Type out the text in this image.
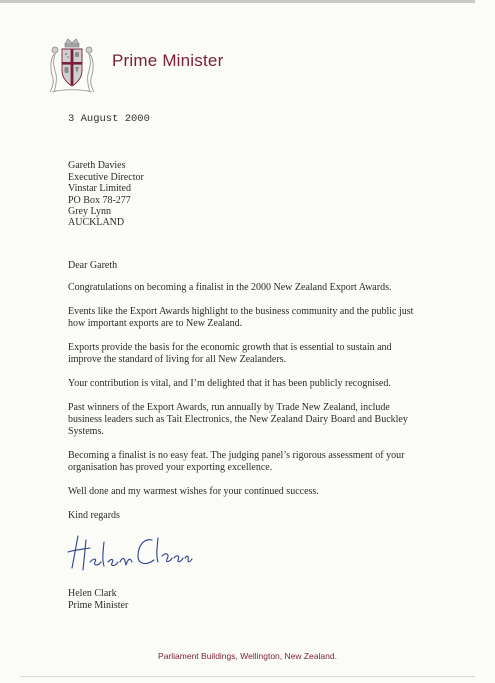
Prime Minister
3 August 2000
Gareth Davies
Executive Director
Vinstar Limited
PO Box 78-277
Grey Lynn
AUCKLAND

Dear Gareth

Congratulations on becoming a finalist in the 2000 New Zealand Export Awards.

Events like the Export Awards highlight to the business community and the public just how important exports are to New Zealand.

Exports provide the basis for the economic growth that is essential to sustain and improve the standard of living for all New Zealanders.

Your contribution is vital, and I’m delighted that it has been publicly recognised.

Past winners of the Export Awards, run annually by Trade New Zealand, include business leaders such as Tait Electronics, the New Zealand Dairy Board and Buckley Systems.

Becoming a finalist is no easy feat. The judging panel’s rigorous assessment of your organisation has proved your exporting excellence.

Well done and my warmest wishes for your continued success.

Kind regards

Helen Clark
Prime Minister
Parliament Buildings, Wellington, New Zealand.
